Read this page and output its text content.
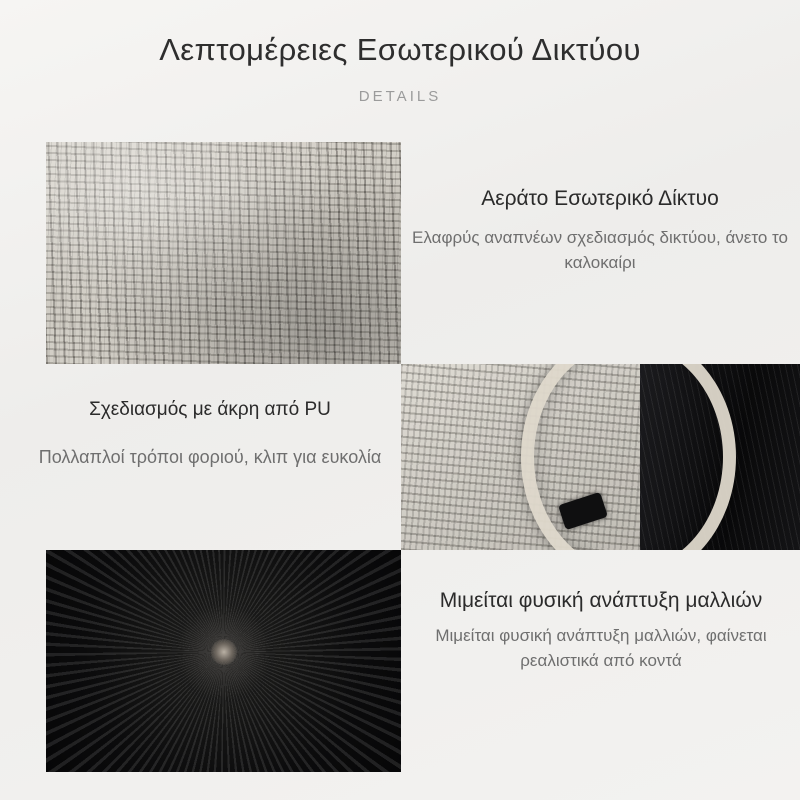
Λεπτομέρειες Εσωτερικού Δικτύου
DETAILS
Αεράτο Εσωτερικό Δίκτυο
Ελαφρύς αναπνέων σχεδιασμός δικτύου, άνετο το καλοκαίρι
Σχεδιασμός με άκρη από PU
Πολλαπλοί τρόποι φοριού, κλιπ για ευκολία
Μιμείται φυσική ανάπτυξη μαλλιών
Μιμείται φυσική ανάπτυξη μαλλιών, φαίνεται ρεαλιστικά από κοντά
